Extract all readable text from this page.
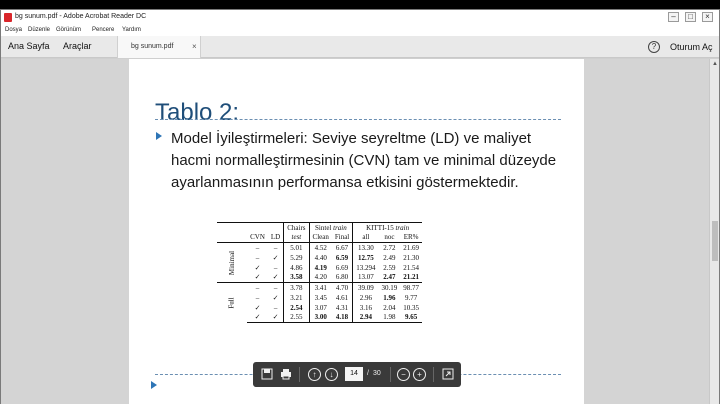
bg sunum.pdf - Adobe Acrobat Reader DC	–	□	×
Dosya Düzenle Görünüm Pencere Yardım
Ana Sayfa Araçlar	bg sunum.pdf ×	?	Oturum Aç
▲
Tablo 2:
Model İyileştirmeleri: Seviye seyreltme (LD) ve maliyet hacmi normalleştirmesinin (CVN) tam ve minimal düzeyde ayarlanmasının performansa etkisini göstermektedir.
			Chairs	Sintel train		KITTI-15 train		
	CVN	LD	test	Clean	Final	all	noc	ER%
Minimal	–	–	5.01	4.52	6.67	13.30	2.72	21.69
	–	✓	5.29	4.40	6.59	12.75	2.49	21.30
	✓	–	4.86	4.19	6.69	13.294	2.59	21.54
	✓	✓	3.58	4.20	6.80	13.07	2.47	21.21
Full	–	–	3.78	3.41	4.70	39.09	30.19	98.77
	–	✓	3.21	3.45	4.61	2.96	1.96	9.77
	✓	–	2.54	3.07	4.31	3.16	2.04	10.35
	✓	✓	2.55	3.00	4.18	2.94	1.98	9.65
↑	↓	14	/ 30	−	+
